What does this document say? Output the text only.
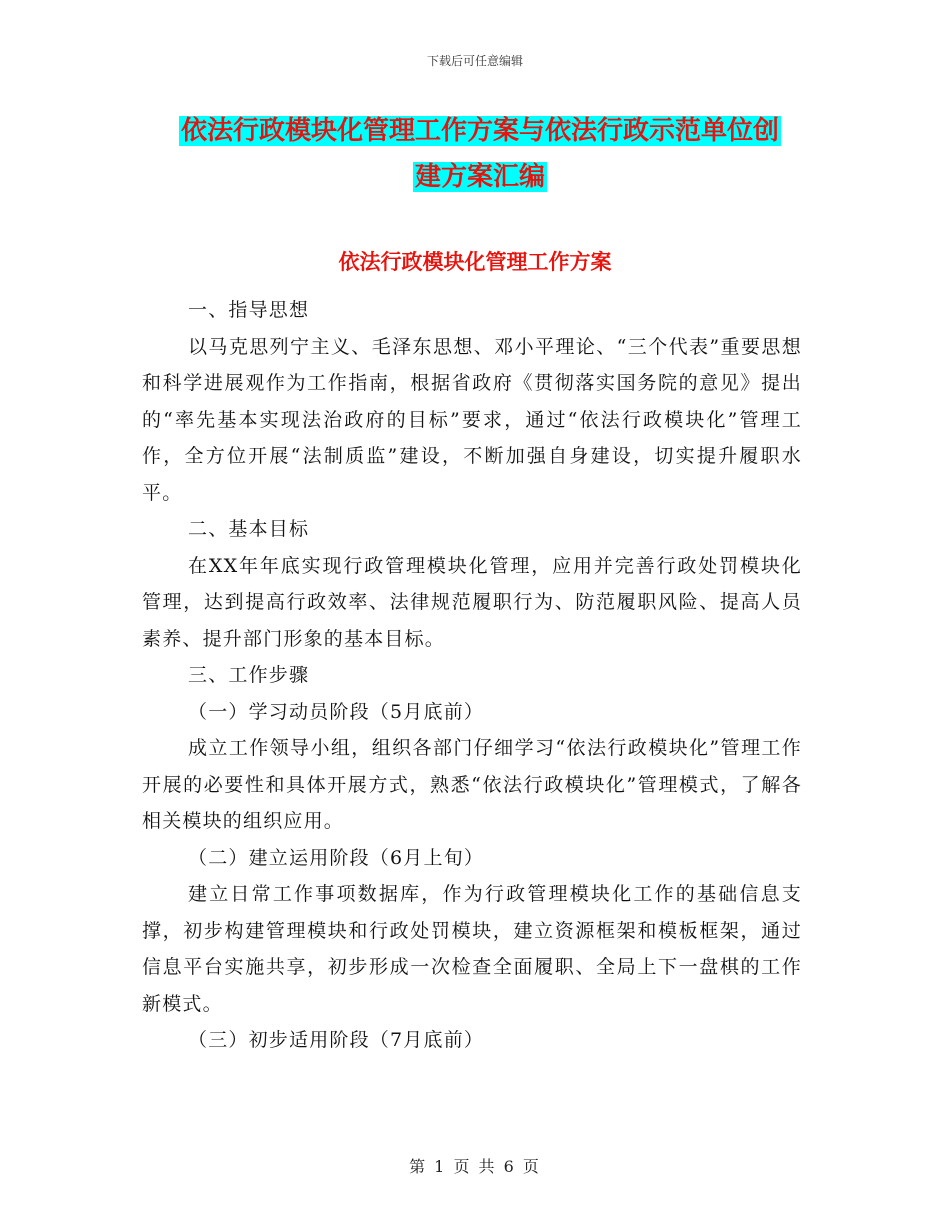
下载后可任意编辑
依法行政模块化管理工作方案与依法行政示范单位创
建方案汇编
依法行政模块化管理工作方案

一、指导思想

以马克思列宁主义、毛泽东思想、邓小平理论、“三个代表”重要思想和科学进展观作为工作指南，根据省政府《贯彻落实国务院的意见》提出的“率先基本实现法治政府的目标”要求，通过“依法行政模块化”管理工作，全方位开展“法制质监”建设，不断加强自身建设，切实提升履职水平。

二、基本目标

在XX年年底实现行政管理模块化管理，应用并完善行政处罚模块化管理，达到提高行政效率、法律规范履职行为、防范履职风险、提高人员素养、提升部门形象的基本目标。

三、工作步骤

（一）学习动员阶段（5月底前）

成立工作领导小组，组织各部门仔细学习“依法行政模块化”管理工作开展的必要性和具体开展方式，熟悉“依法行政模块化”管理模式，了解各相关模块的组织应用。

（二）建立运用阶段（6月上旬）

建立日常工作事项数据库，作为行政管理模块化工作的基础信息支撑，初步构建管理模块和行政处罚模块，建立资源框架和模板框架，通过信息平台实施共享，初步形成一次检查全面履职、全局上下一盘棋的工作新模式。

（三）初步适用阶段（7月底前）

第 1 页 共 6 页
